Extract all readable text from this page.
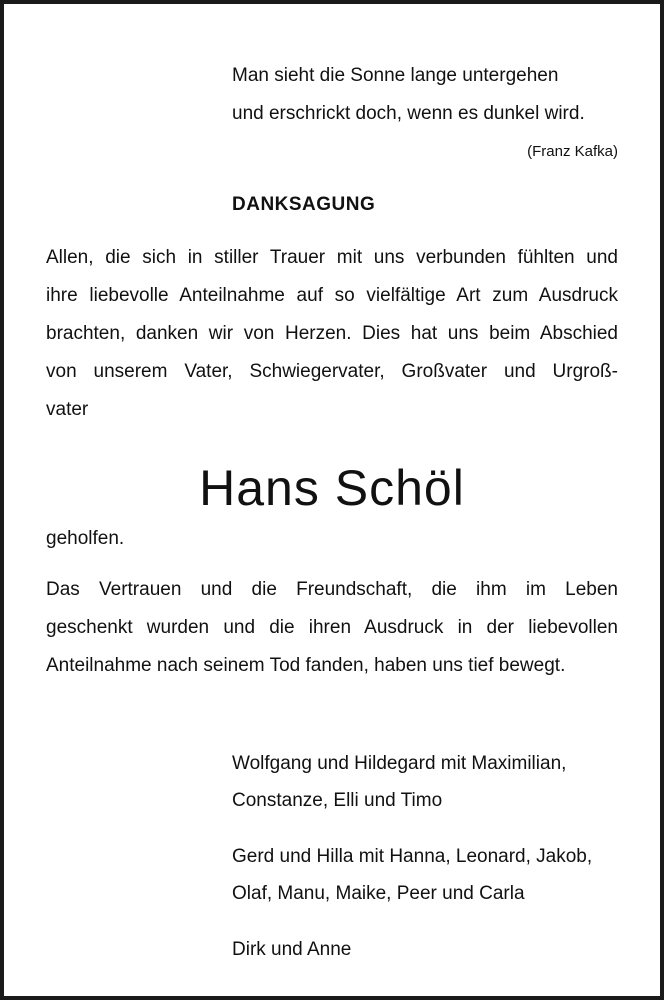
Man sieht die Sonne lange untergehen
und erschrickt doch, wenn es dunkel wird.
(Franz Kafka)
DANKSAGUNG
Allen, die sich in stiller Trauer mit uns verbunden fühlten und
ihre liebevolle Anteilnahme auf so vielfältige Art zum Ausdruck
brachten, danken wir von Herzen. Dies hat uns beim Abschied
von unserem Vater, Schwiegervater, Großvater und Urgroß-
vater
Hans Schöl
geholfen.
Das Vertrauen und die Freundschaft, die ihm im Leben
geschenkt wurden und die ihren Ausdruck in der liebevollen
Anteilnahme nach seinem Tod fanden, haben uns tief bewegt.
Wolfgang und Hildegard mit Maximilian,
Constanze, Elli und Timo
Gerd und Hilla mit Hanna, Leonard, Jakob,
Olaf, Manu, Maike, Peer und Carla
Dirk und Anne
